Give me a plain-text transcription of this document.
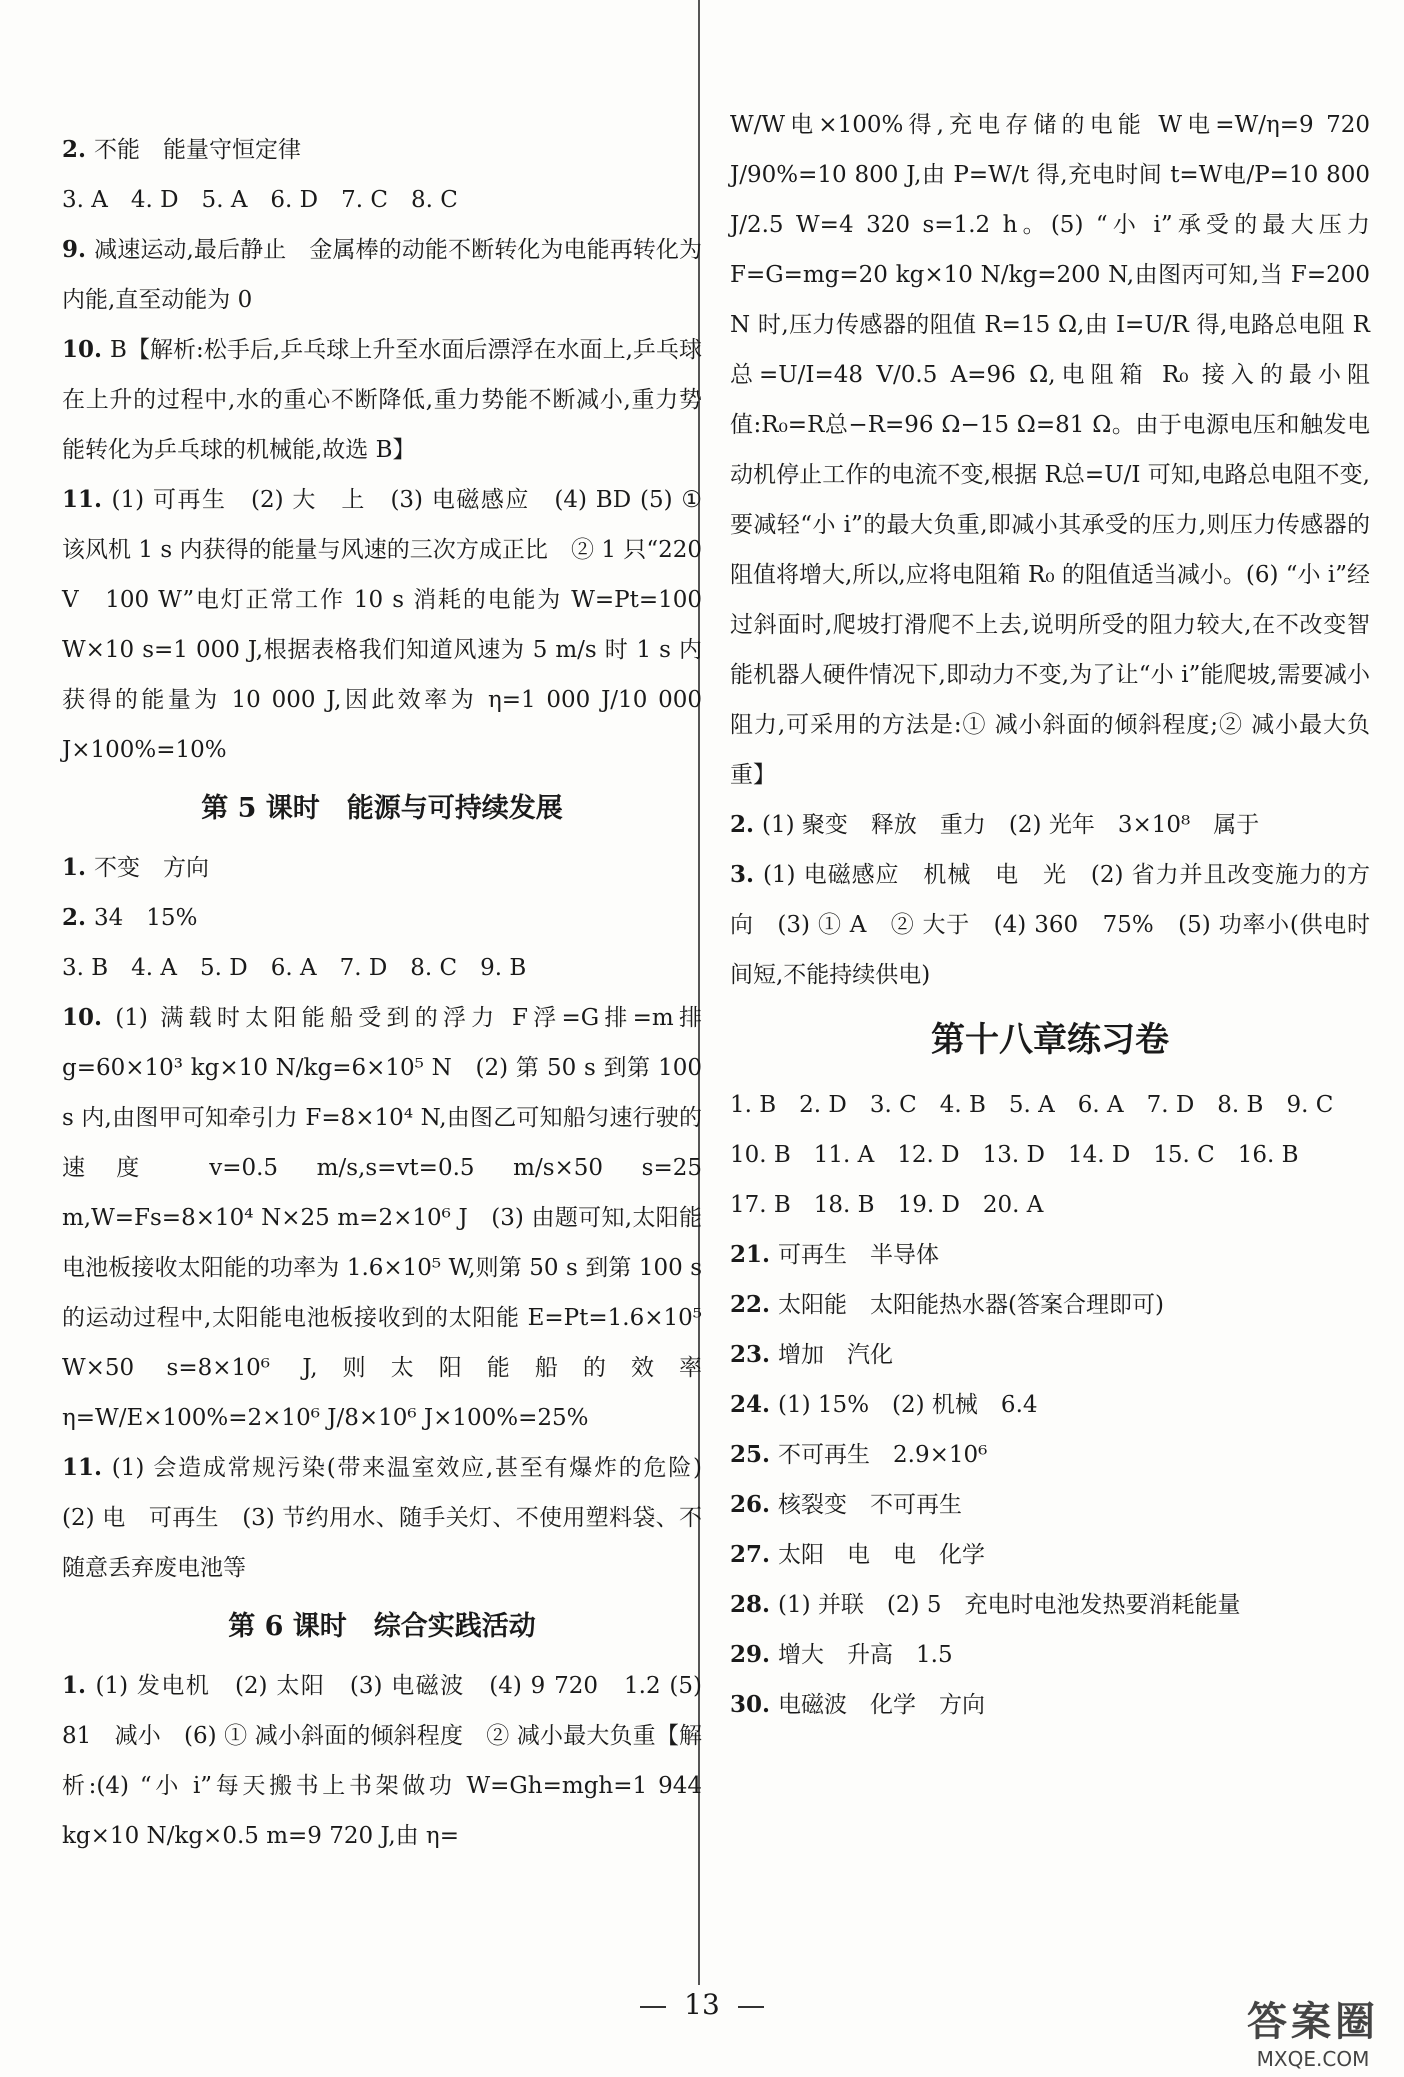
2. 不能　能量守恒定律

3. A　4. D　5. A　6. D　7. C　8. C

9. 减速运动,最后静止　金属棒的动能不断转化为电能再转化为内能,直至动能为 0

10. B【解析:松手后,乒乓球上升至水面后漂浮在水面上,乒乓球在上升的过程中,水的重心不断降低,重力势能不断减小,重力势能转化为乒乓球的机械能,故选 B】

11. (1) 可再生　(2) 大　上　(3) 电磁感应　(4) BD (5) ① 该风机 1 s 内获得的能量与风速的三次方成正比　② 1 只“220 V　100 W”电灯正常工作 10 s 消耗的电能为 W=Pt=100 W×10 s=1 000 J,根据表格我们知道风速为 5 m/s 时 1 s 内获得的能量为 10 000 J,因此效率为 η=1 000 J/10 000 J×100%=10%

第 5 课时　能源与可持续发展

1. 不变　方向

2. 34　15%

3. B　4. A　5. D　6. A　7. D　8. C　9. B

10. (1) 满载时太阳能船受到的浮力 F浮=G排=m排g=60×10³ kg×10 N/kg=6×10⁵ N　(2) 第 50 s 到第 100 s 内,由图甲可知牵引力 F=8×10⁴ N,由图乙可知船匀速行驶的速度 v=0.5 m/s,s=vt=0.5 m/s×50 s=25 m,W=Fs=8×10⁴ N×25 m=2×10⁶ J　(3) 由题可知,太阳能电池板接收太阳能的功率为 1.6×10⁵ W,则第 50 s 到第 100 s 的运动过程中,太阳能电池板接收到的太阳能 E=Pt=1.6×10⁵ W×50 s=8×10⁶ J,则太阳能船的效率 η=W/E×100%=2×10⁶ J/8×10⁶ J×100%=25%

11. (1) 会造成常规污染(带来温室效应,甚至有爆炸的危险)　(2) 电　可再生　(3) 节约用水、随手关灯、不使用塑料袋、不随意丢弃废电池等

第 6 课时　综合实践活动

1. (1) 发电机　(2) 太阳　(3) 电磁波　(4) 9 720　1.2 (5) 81　减小　(6) ① 减小斜面的倾斜程度　② 减小最大负重【解析:(4) “小 i”每天搬书上书架做功 W=Gh=mgh=1 944 kg×10 N/kg×0.5 m=9 720 J,由 η=

W/W电×100%得,充电存储的电能 W电=W/η=9 720 J/90%=10 800 J,由 P=W/t 得,充电时间 t=W电/P=10 800 J/2.5 W=4 320 s=1.2 h。(5) “小 i”承受的最大压力 F=G=mg=20 kg×10 N/kg=200 N,由图丙可知,当 F=200 N 时,压力传感器的阻值 R=15 Ω,由 I=U/R 得,电路总电阻 R总=U/I=48 V/0.5 A=96 Ω,电阻箱 R₀ 接入的最小阻值:R₀=R总−R=96 Ω−15 Ω=81 Ω。由于电源电压和触发电动机停止工作的电流不变,根据 R总=U/I 可知,电路总电阻不变,要减轻“小 i”的最大负重,即减小其承受的压力,则压力传感器的阻值将增大,所以,应将电阻箱 R₀ 的阻值适当减小。(6) “小 i”经过斜面时,爬坡打滑爬不上去,说明所受的阻力较大,在不改变智能机器人硬件情况下,即动力不变,为了让“小 i”能爬坡,需要减小阻力,可采用的方法是:① 减小斜面的倾斜程度;② 减小最大负重】

2. (1) 聚变　释放　重力　(2) 光年　3×10⁸　属于

3. (1) 电磁感应　机械　电　光　(2) 省力并且改变施力的方向　(3) ① A　② 大于　(4) 360　75%　(5) 功率小(供电时间短,不能持续供电)

第十八章练习卷

1. B　2. D　3. C　4. B　5. A　6. A　7. D　8. B　9. C

10. B　11. A　12. D　13. D　14. D　15. C　16. B

17. B　18. B　19. D　20. A

21. 可再生　半导体

22. 太阳能　太阳能热水器(答案合理即可)

23. 增加　汽化

24. (1) 15%　(2) 机械　6.4

25. 不可再生　2.9×10⁶

26. 核裂变　不可再生

27. 太阳　电　电　化学

28. (1) 并联　(2) 5　充电时电池发热要消耗能量

29. 增大　升高　1.5

30. 电磁波　化学　方向

13	答案圈
MXQE.COM
